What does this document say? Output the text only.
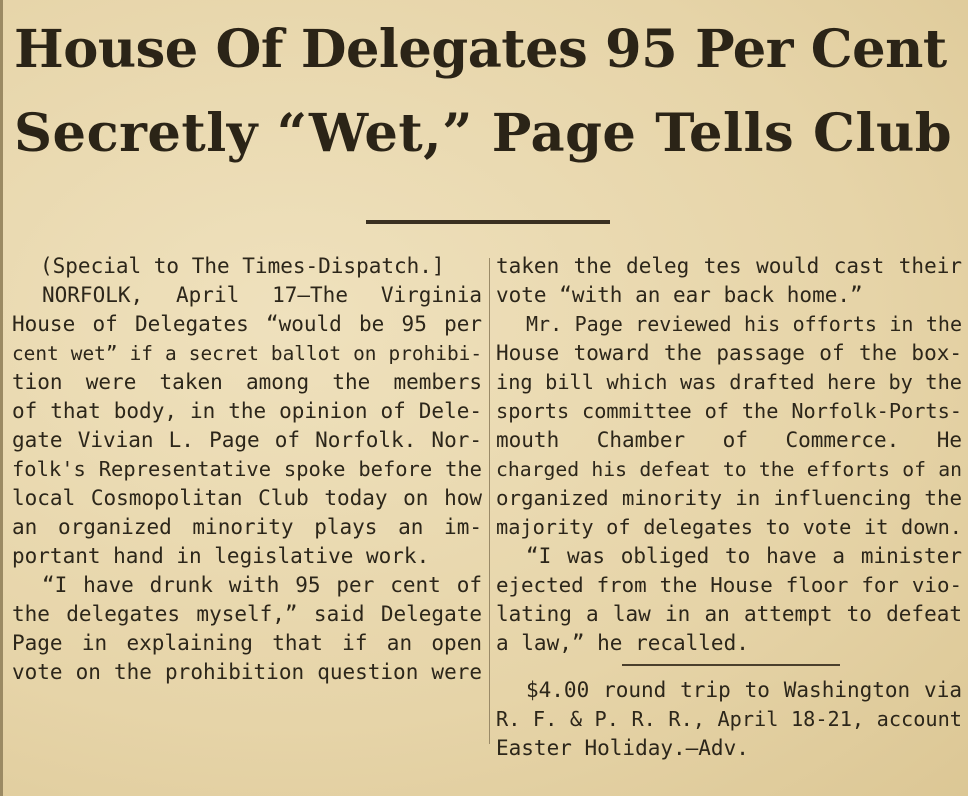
House Of Delegates 95 Per Cent
Secretly “Wet,” Page Tells Club
(Special to The Times-Dispatch.]
NORFOLK, April 17—The Virginia
House of Delegates “would be 95 per
cent wet” if a secret ballot on prohibi-
tion were taken among the members
of that body, in the opinion of Dele-
gate Vivian L. Page of Norfolk. Nor-
folk's Representative spoke before the
local Cosmopolitan Club today on how
an organized minority plays an im-
portant hand in legislative work.
“I have drunk with 95 per cent of
the delegates myself,” said Delegate
Page in explaining that if an open
vote on the prohibition question were
taken the deleg tes would cast their
vote “with an ear back home.”
Mr. Page reviewed his offorts in the
House toward the passage of the box-
ing bill which was drafted here by the
sports committee of the Norfolk-Ports-
mouth Chamber of Commerce. He
charged his defeat to the efforts of an
organized minority in influencing the
majority of delegates to vote it down.
“I was obliged to have a minister
ejected from the House floor for vio-
lating a law in an attempt to defeat
a law,” he recalled.
$4.00 round trip to Washington via
R. F. & P. R. R., April 18-21, account
Easter Holiday.—Adv.
